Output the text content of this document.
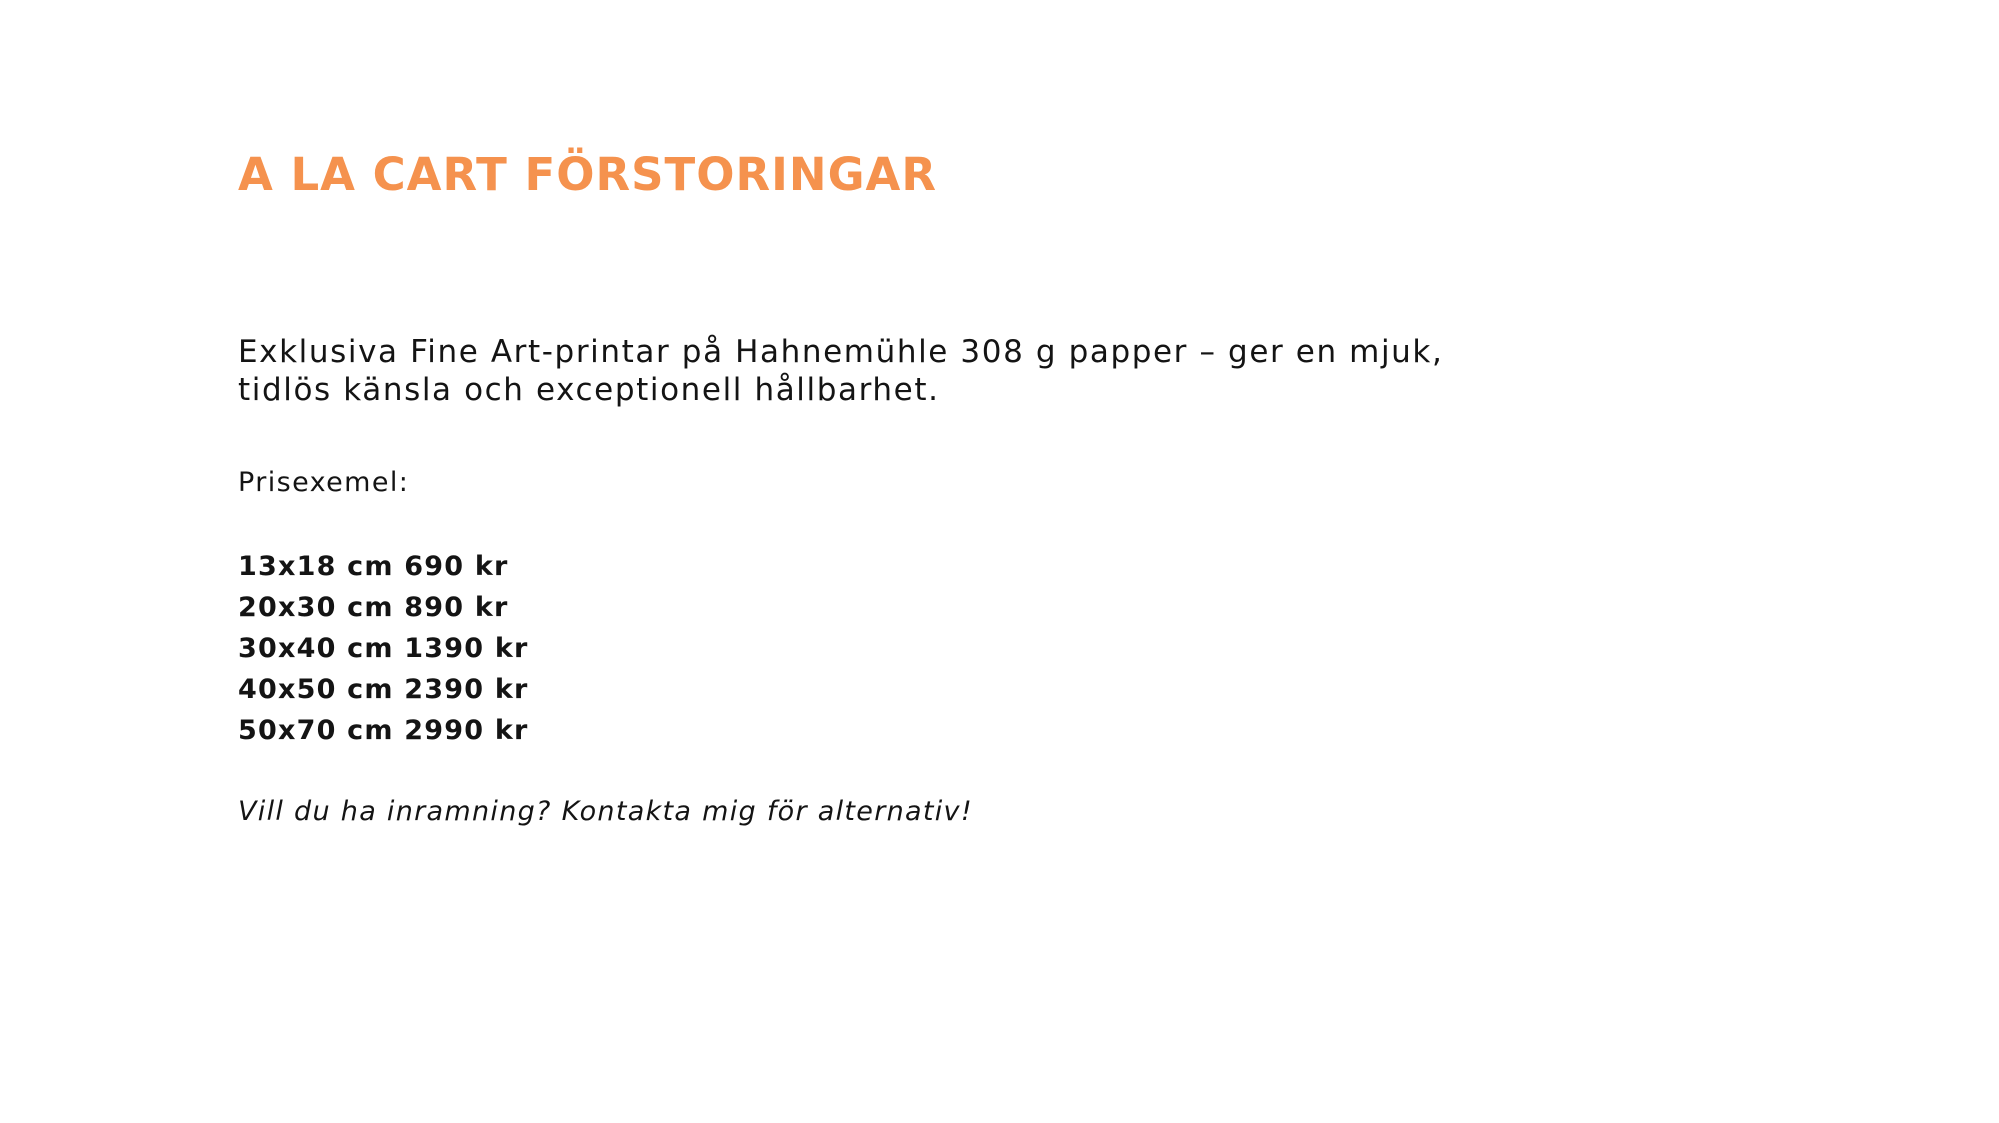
A LA CART FÖRSTORINGAR

Exklusiva Fine Art-printar på Hahnemühle 308 g papper – ger en mjuk,
tidlös känsla och exceptionell hållbarhet.

Prisexemel:

13x18 cm 690 kr
20x30 cm 890 kr
30x40 cm 1390 kr
40x50 cm 2390 kr
50x70 cm 2990 kr

Vill du ha inramning? Kontakta mig för alternativ!
